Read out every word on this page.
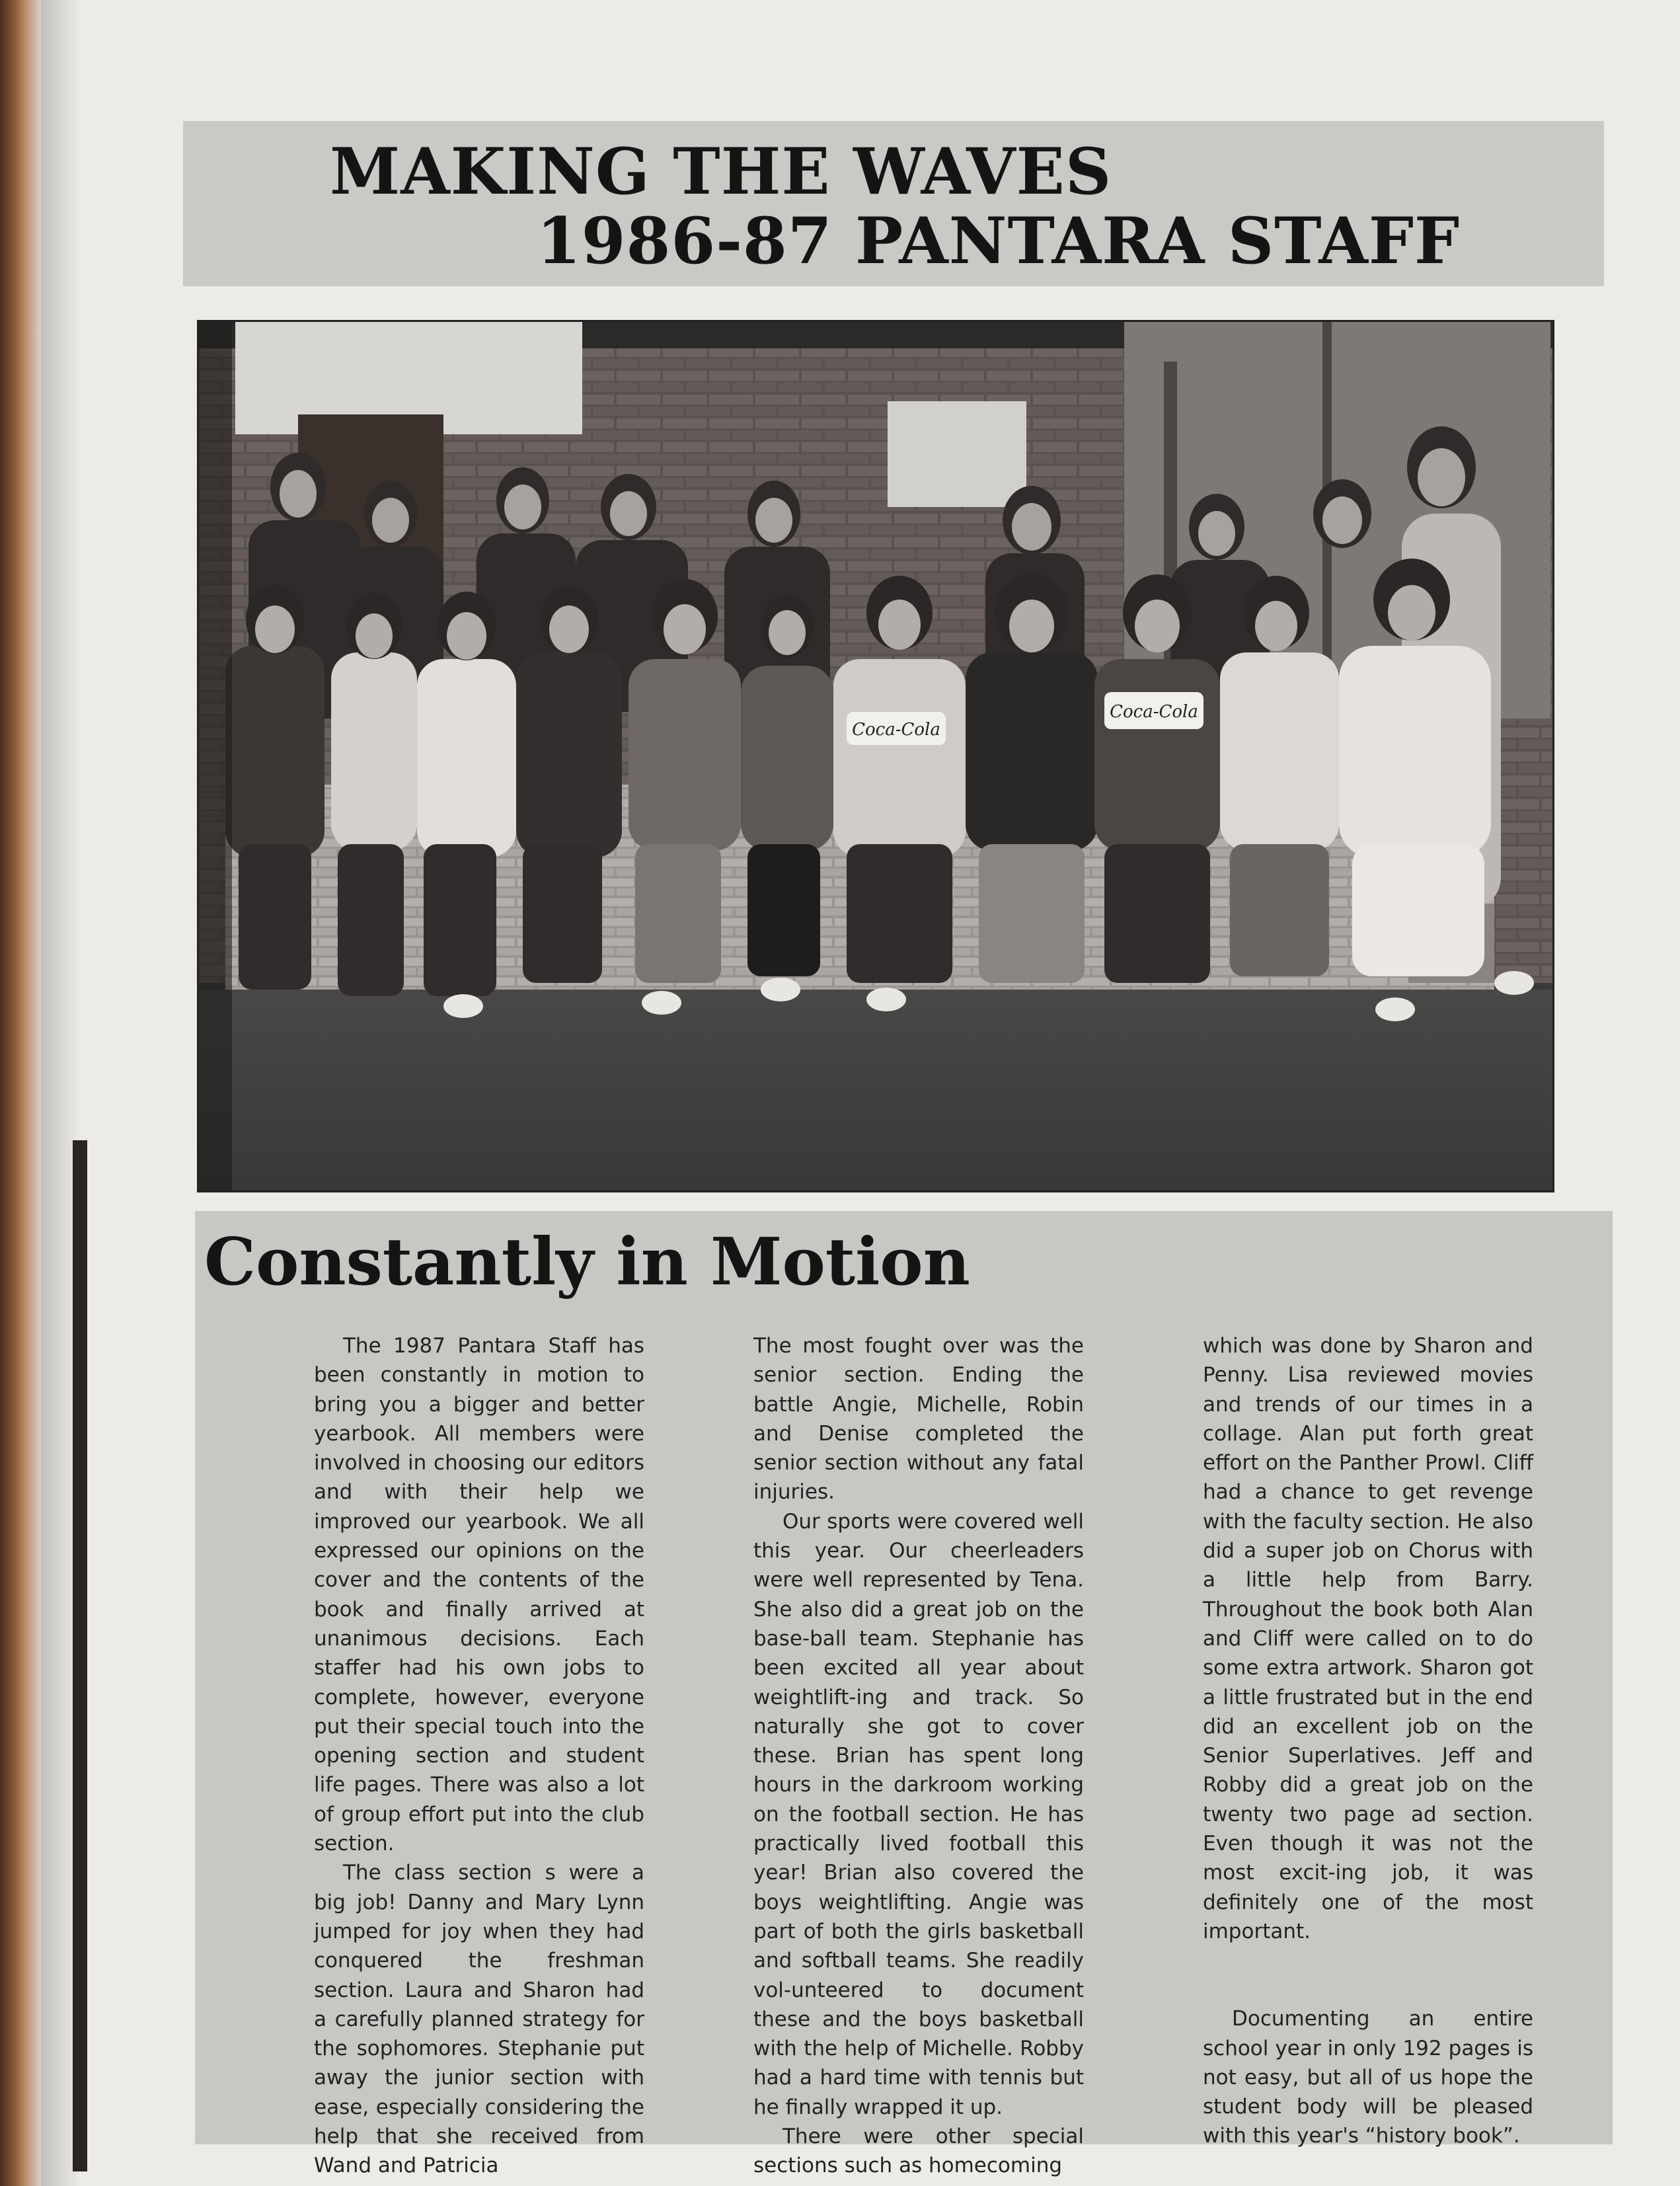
MAKING THE WAVES
1986-87 PANTARA STAFF
Coca-Cola
Coca-Cola
Constantly in Motion

The 1987 Pantara Staff has been constantly in motion to bring you a bigger and better yearbook. All members were involved in choosing our editors and with their help we improved our yearbook. We all expressed our opinions on the cover and the contents of the book and finally arrived at unanimous decisions. Each staffer had his own jobs to complete, however, everyone put their special touch into the opening section and student life pages. There was also a lot of group effort put into the club section.

The class section s were a big job! Danny and Mary Lynn jumped for joy when they had conquered the freshman section. Laura and Sharon had a carefully planned strategy for the sophomores. Stephanie put away the junior section with ease, especially considering the help that she received from Wand and Patricia

The most fought over was the senior section. Ending the battle Angie, Michelle, Robin and Denise completed the senior section without any fatal injuries.

Our sports were covered well this year. Our cheerleaders were well represented by Tena. She also did a great job on the base-ball team. Stephanie has been excited all year about weightlift-ing and track. So naturally she got to cover these. Brian has spent long hours in the darkroom working on the football section. He has practically lived football this year! Brian also covered the boys weightlifting. Angie was part of both the girls basketball and softball teams. She readily vol-unteered to document these and the boys basketball with the help of Michelle. Robby had a hard time with tennis but he finally wrapped it up.

There were other special sections such as homecoming

which was done by Sharon and Penny. Lisa reviewed movies and trends of our times in a collage. Alan put forth great effort on the Panther Prowl. Cliff had a chance to get revenge with the faculty section. He also did a super job on Chorus with a little help from Barry. Throughout the book both Alan and Cliff were called on to do some extra artwork. Sharon got a little frustrated but in the end did an excellent job on the Senior Superlatives. Jeff and Robby did a great job on the twenty two page ad section. Even though it was not the most excit-ing job, it was definitely one of the most important.

Documenting an entire school year in only 192 pages is not easy, but all of us hope the student body will be pleased with this year's “history book”.
